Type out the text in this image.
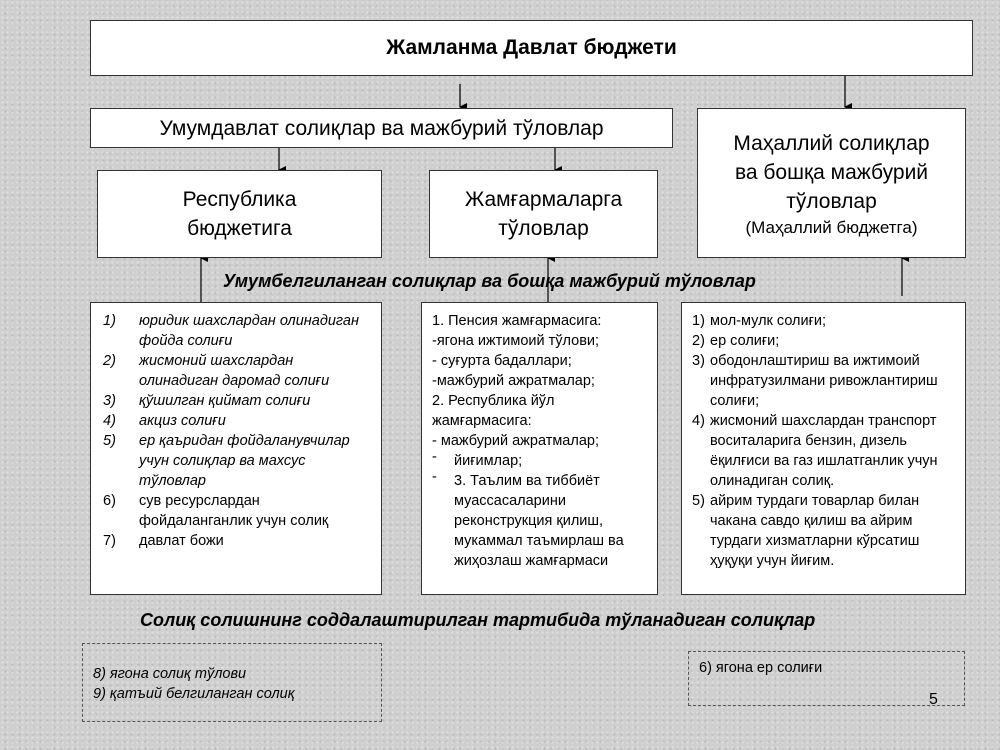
Жамланма Давлат бюджети
Умумдавлат солиқлар ва мажбурий тўловлар
Маҳаллий солиқлар
ва бошқа мажбурий
тўловлар
(Маҳаллий бюджетга)
Республика
бюджетига
Жамғармаларга
тўловлар
Умумбелгиланган солиқлар ва бошқа мажбурий тўловлар
1) юридик шахслардан олинадиган фойда солиғи
2) жисмоний шахслардан олинадиган даромад солиғи
3) қўшилган қиймат солиғи
4) акциз солиғи
5) ер қаъридан фойдаланувчилар учун солиқлар ва махсус тўловлар
6) сув ресурслардан фойдаланганлик учун солиқ
7) давлат божи
1. Пенсия жамғармасига:
-ягона ижтимоий тўлови;
- суғурта бадаллари;
-мажбурий ажратмалар;
2. Республика йўл
жамғармасига:
- мажбурий ажратмалар;
- йиғимлар;
- 3. Таълим ва тиббиёт муассасаларини реконструкция қилиш, мукаммал таъмирлаш ва жиҳозлаш жамғармаси
1) мол-мулк солиғи;
2) ер солиғи;
3) ободонлаштириш ва ижтимоий инфратузилмани ривожлантириш солиғи;
4) жисмоний шахслардан транспорт воситаларига бензин, дизель ёқилғиси ва газ ишлатганлик учун олинадиган солиқ.
5) айрим турдаги товарлар билан чакана савдо қилиш ва айрим турдаги хизматларни кўрсатиш ҳуқуқи учун йиғим.
Солиқ солишнинг соддалаштирилган тартибида тўланадиган солиқлар
8) ягона солиқ тўлови
9) қатъий белгиланган солиқ
6) ягона ер солиғи
5
